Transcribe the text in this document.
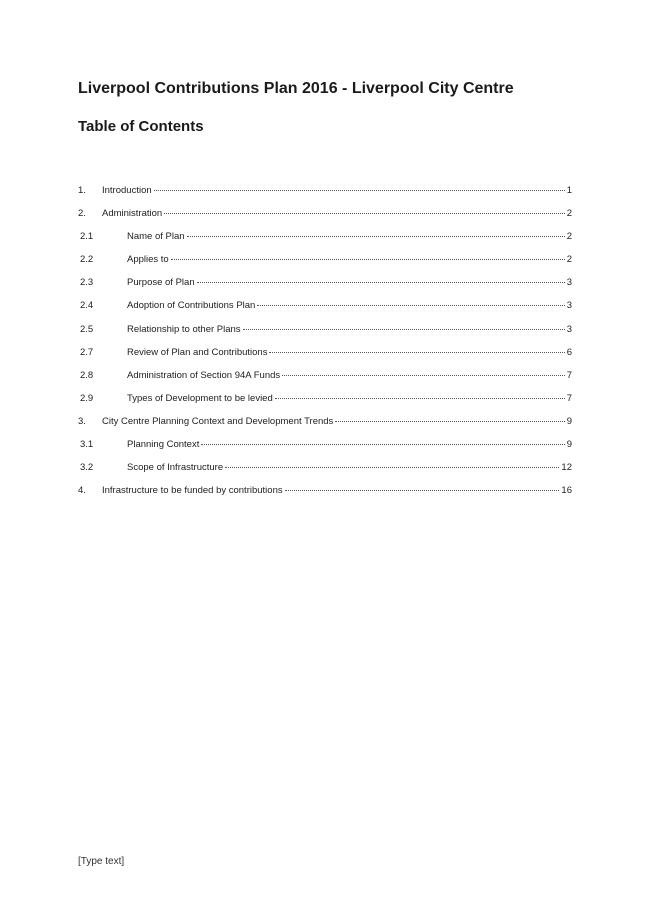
Liverpool Contributions Plan 2016 - Liverpool City Centre
Table of Contents
1.	Introduction	1
2.	Administration	2
2.1	Name of Plan	2
2.2	Applies to	2
2.3	Purpose of Plan	3
2.4	Adoption of Contributions Plan	3
2.5	Relationship to other Plans	3
2.7	Review of Plan and Contributions	6
2.8	Administration of Section 94A Funds	7
2.9	Types of Development to be levied	7
3.	City Centre Planning Context and Development Trends	9
3.1	Planning Context	9
3.2	Scope of Infrastructure	12
4.	Infrastructure to be funded by contributions	16
[Type text]
